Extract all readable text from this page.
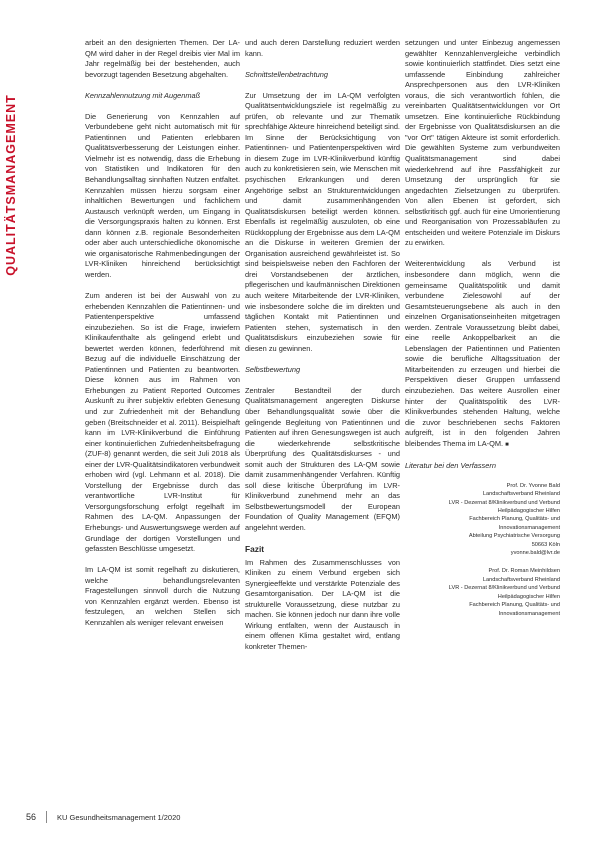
QUALITÄTSMANAGEMENT

arbeit an den designierten Themen. Der LA-QM wird daher in der Regel dreibis vier Mal im Jahr regelmäßig bei der bestehenden, auch bevorzugt tagenden Besetzung abgehalten.

Kennzahlennutzung mit Augenmaß

Die Generierung von Kennzahlen auf Verbundebene geht nicht automatisch mit für Patientinnen und Patienten erlebbaren Qualitätsverbesserung der Leistungen einher. Vielmehr ist es notwendig, dass die Erhebung von Statistiken und Indikatoren für den Behandlungsalltag sinnhaften Nutzen entfaltet. Kennzahlen müssen hierzu sorgsam einer inhaltlichen Bewertungen und fachlichem Austausch verknüpft werden, um Eingang in die Versorgungspraxis halten zu können. Erst dann können z.B. regionale Besonderheiten oder aber auch unterschiedliche ökonomische wie organisatorische Rahmenbedingungen der LVR-Kliniken hinreichend berücksichtigt werden.

Zum anderen ist bei der Auswahl von zu erhebenden Kennzahlen die Patientinnen- und Patientenperspektive umfassend einzubeziehen. So ist die Frage, inwiefern Klinikaufenthalte als gelingend erlebt und bewertet werden können, federführend mit Bezug auf die individuelle Einschätzung der Patientinnen und Patienten zu beantworten. Diese können aus im Rahmen von Erhebungen zu Patient Reported Outcomes Auskunft zu ihrer subjektiv erlebten Genesung und zur Zufriedenheit mit der Behandlung geben (Breitschneider et al. 2011). Beispielhaft kann im LVR-Klinikverbund die Einführung einer kontinuierlichen Zufriedenheitsbefragung (ZUF-8) genannt werden, die seit Juli 2018 als einer der LVR-Qualitätsindikatoren verbundweit erhoben wird (vgl. Lehmann et al. 2018). Die Vorstellung der Ergebnisse durch das verantwortliche LVR-Institut für Versorgungsforschung erfolgt regelhaft im Rahmen des LA-QM. Anpassungen der Erhebungs- und Auswertungswege werden auf Grundlage der dortigen Vorstellungen und gefassten Beschlüsse umgesetzt.

Im LA-QM ist somit regelhaft zu diskutieren, welche behandlungsrelevanten Fragestellungen sinnvoll durch die Nutzung von Kennzahlen ergänzt werden. Ebenso ist festzulegen, an welchen Stellen sich Kennzahlen als weniger relevant erweisen

und auch deren Darstellung reduziert werden kann.

Schnittstellenbetrachtung

Zur Umsetzung der im LA-QM verfolgten Qualitätsentwicklungsziele ist regelmäßig zu prüfen, ob relevante und zur Thematik sprechfähige Akteure hinreichend beteiligt sind. Im Sinne der Berücksichtigung von Patientinnen- und Patientenperspektiven wird in diesem Zuge im LVR-Klinikverbund künftig auch zu konkretisieren sein, wie Menschen mit psychischen Erkrankungen und deren Angehörige selbst an Strukturentwicklungen und damit zusammenhängenden Qualitätsdiskursen beteiligt werden können. Ebenfalls ist regelmäßig auszuloten, ob eine Rückkopplung der Ergebnisse aus dem LA-QM an die Diskurse in weiteren Gremien der Organisation ausreichend gewährleistet ist. So sind beispielsweise neben den Fachforen der drei Vorstandsebenen der ärztlichen, pflegerischen und kaufmännischen Direktionen auch weitere Mitarbeitende der LVR-Kliniken, wie insbesondere solche die im direkten und täglichen Kontakt mit Patientinnen und Patienten stehen, systematisch in den Qualitätsdiskurs einzubeziehen sowie für diesen zu gewinnen.

Selbstbewertung

Zentraler Bestandteil der durch Qualitätsmanagement angeregten Diskurse über Behandlungsqualität sowie über die gelingende Begleitung von Patientinnen und Patienten auf ihren Genesungswegen ist auch die wiederkehrende selbstkritische Überprüfung des Qualitätsdiskurses - und somit auch der Strukturen des LA-QM sowie damit zusammenhängender Verfahren. Künftig soll diese kritische Überprüfung im LVR-Klinikverbund zunehmend mehr an das Selbstbewertungsmodell der European Foundation of Quality Management (EFQM) angelehnt werden.

Fazit

Im Rahmen des Zusammenschlusses von Kliniken zu einem Verbund ergeben sich Synergieeffekte und verstärkte Potenziale des Gesamtorganisation. Der LA-QM ist die strukturelle Voraussetzung, diese nutzbar zu machen. Sie können jedoch nur dann ihre volle Wirkung entfalten, wenn der Austausch in einem offenen Klima gestaltet wird, entlang konkreter Themen-

setzungen und unter Einbezug angemessen gewählter Kennzahlenvergleiche verbindlich sowie kontinuierlich stattfindet. Dies setzt eine umfassende Einbindung zahlreicher Ansprechpersonen aus den LVR-Kliniken voraus, die sich verantwortlich fühlen, die vereinbarten Qualitätsentwicklungen vor Ort umsetzen. Eine kontinuierliche Rückbindung der Ergebnisse von Qualitätsdiskursen an die "vor Ort" tätigen Akteure ist somit erforderlich. Die gewählten Systeme zum verbundweiten Qualitätsmanagement sind dabei wiederkehrend auf ihre Passfähigkeit zur Umsetzung der ursprünglich für sie angedachten Zielsetzungen zu überprüfen. Von allen Ebenen ist gefordert, sich selbstkritisch ggf. auch für eine Umorientierung und Reorganisation von Prozessabläufen zu entscheiden und weitere Potenziale im Diskurs zu erwirken.

Weiterentwicklung als Verbund ist insbesondere dann möglich, wenn die gemeinsame Qualitätspolitik und damit verbundene Zielesowohl auf der Gesamtsteuerungsebene als auch in den einzelnen Organisationseinheiten mitgetragen werden. Zentrale Voraussetzung bleibt dabei, eine reelle Ankoppelbarkeit an die Lebenslagen der Patientinnen und Patienten sowie die berufliche Alltagssituation der Mitarbeitenden zu erzeugen und hierbei die Perspektiven dieser Gruppen umfassend einzubeziehen. Das weitere Ausrollen einer hinter der Qualitätspolitik des LVR-Klinikverbundes stehenden Haltung, welche die zuvor beschriebenen sechs Faktoren aufgreift, ist in den folgenden Jahren bleibendes Thema im LA-QM. ■

Literatur bei den Verfassern

Prof. Dr. Yvonne Bald
Landschaftsverband Rheinland
LVR - Dezernat 8/Klinikverbund und Verbund
Heilpädagogischer Hilfen
Fachbereich Planung, Qualitäts- und
Innovationsmanagement
Abteilung Psychiatrische Versorgung
50663 Köln
yvonne.bald@lvr.de
Prof. Dr. Roman Meinhildsen
Landschaftsverband Rheinland
LVR - Dezernat 8/Klinikverbund und Verbund
Heilpädagogischer Hilfen
Fachbereich Planung, Qualitäts- und
Innovationsmanagement
56	KU Gesundheitsmanagement 1/2020
